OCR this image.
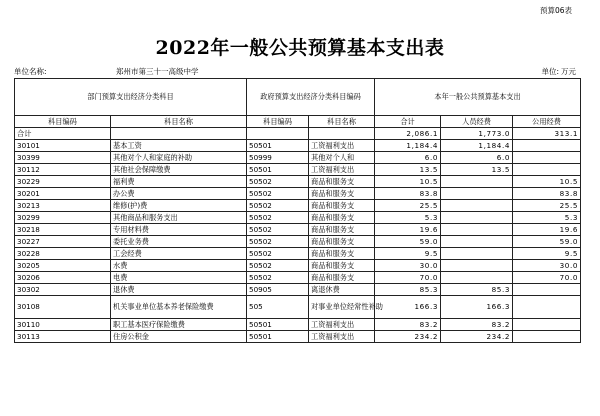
预算06表
2022年一般公共预算基本支出表
单位名称:	郑州市第三十一高级中学	单位: 万元
部门预算支出经济分类科目		政府预算支出经济分类科目编码		本年一般公共预算基本支出		
科目编码	科目名称	科目编码	科目名称	合计	人员经费	公用经费
合计				2,086.1	1,773.0	313.1
30101	基本工资	50501	工资福利支出	1,184.4	1,184.4	
30399	其他对个人和家庭的补助	50999	其他对个人和	6.0	6.0	
30112	其他社会保障缴费	50501	工资福利支出	13.5	13.5	
30229	福利费	50502	商品和服务支	10.5		10.5
30201	办公费	50502	商品和服务支	83.8		83.8
30213	维修(护)费	50502	商品和服务支	25.5		25.5
30299	其他商品和服务支出	50502	商品和服务支	5.3		5.3
30218	专用材料费	50502	商品和服务支	19.6		19.6
30227	委托业务费	50502	商品和服务支	59.0		59.0
30228	工会经费	50502	商品和服务支	9.5		9.5
30205	水费	50502	商品和服务支	30.0		30.0
30206	电费	50502	商品和服务支	70.0		70.0
30302	退休费	50905	离退休费	85.3	85.3	
30108	机关事业单位基本养老保险缴费	505	对事业单位经常性补助	166.3	166.3	
30110	职工基本医疗保险缴费	50501	工资福利支出	83.2	83.2	
30113	住房公积金	50501	工资福利支出	234.2	234.2	
